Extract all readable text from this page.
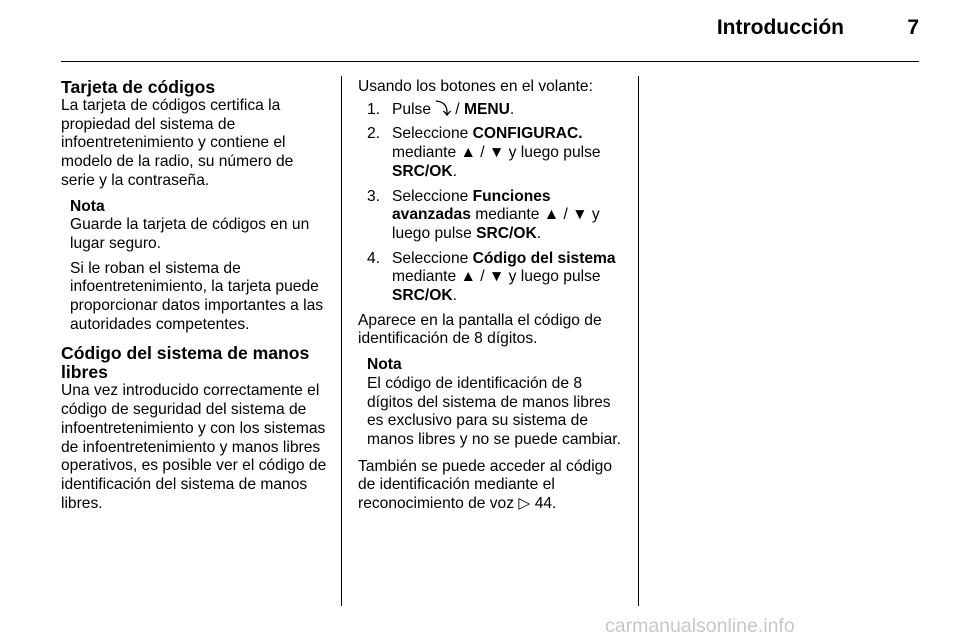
Introducción	7
Tarjeta de códigos

La tarjeta de códigos certifica la propiedad del sistema de infoentretenimiento y contiene el modelo de la radio, su número de serie y la contraseña.

Nota

Guarde la tarjeta de códigos en un lugar seguro.

Si le roban el sistema de infoentretenimiento, la tarjeta puede proporcionar datos importantes a las autoridades competentes.

Código del sistema de manos libres

Una vez introducido correctamente el código de seguridad del sistema de infoentretenimiento y con los sistemas de infoentretenimiento y manos libres operativos, es posible ver el código de identificación del sistema de manos libres.

Usando los botones en el volante:

1. Pulse ⤵ / MENU.
2. Seleccione CONFIGURAC. mediante ▲ / ▼ y luego pulse SRC/OK.
3. Seleccione Funciones avanzadas mediante ▲ / ▼ y luego pulse SRC/OK.
4. Seleccione Código del sistema mediante ▲ / ▼ y luego pulse SRC/OK.

Aparece en la pantalla el código de identificación de 8 dígitos.

Nota

El código de identificación de 8 dígitos del sistema de manos libres es exclusivo para su sistema de manos libres y no se puede cambiar.

También se puede acceder al código de identificación mediante el reconocimiento de voz ▷ 44.

carmanualsonline.info
